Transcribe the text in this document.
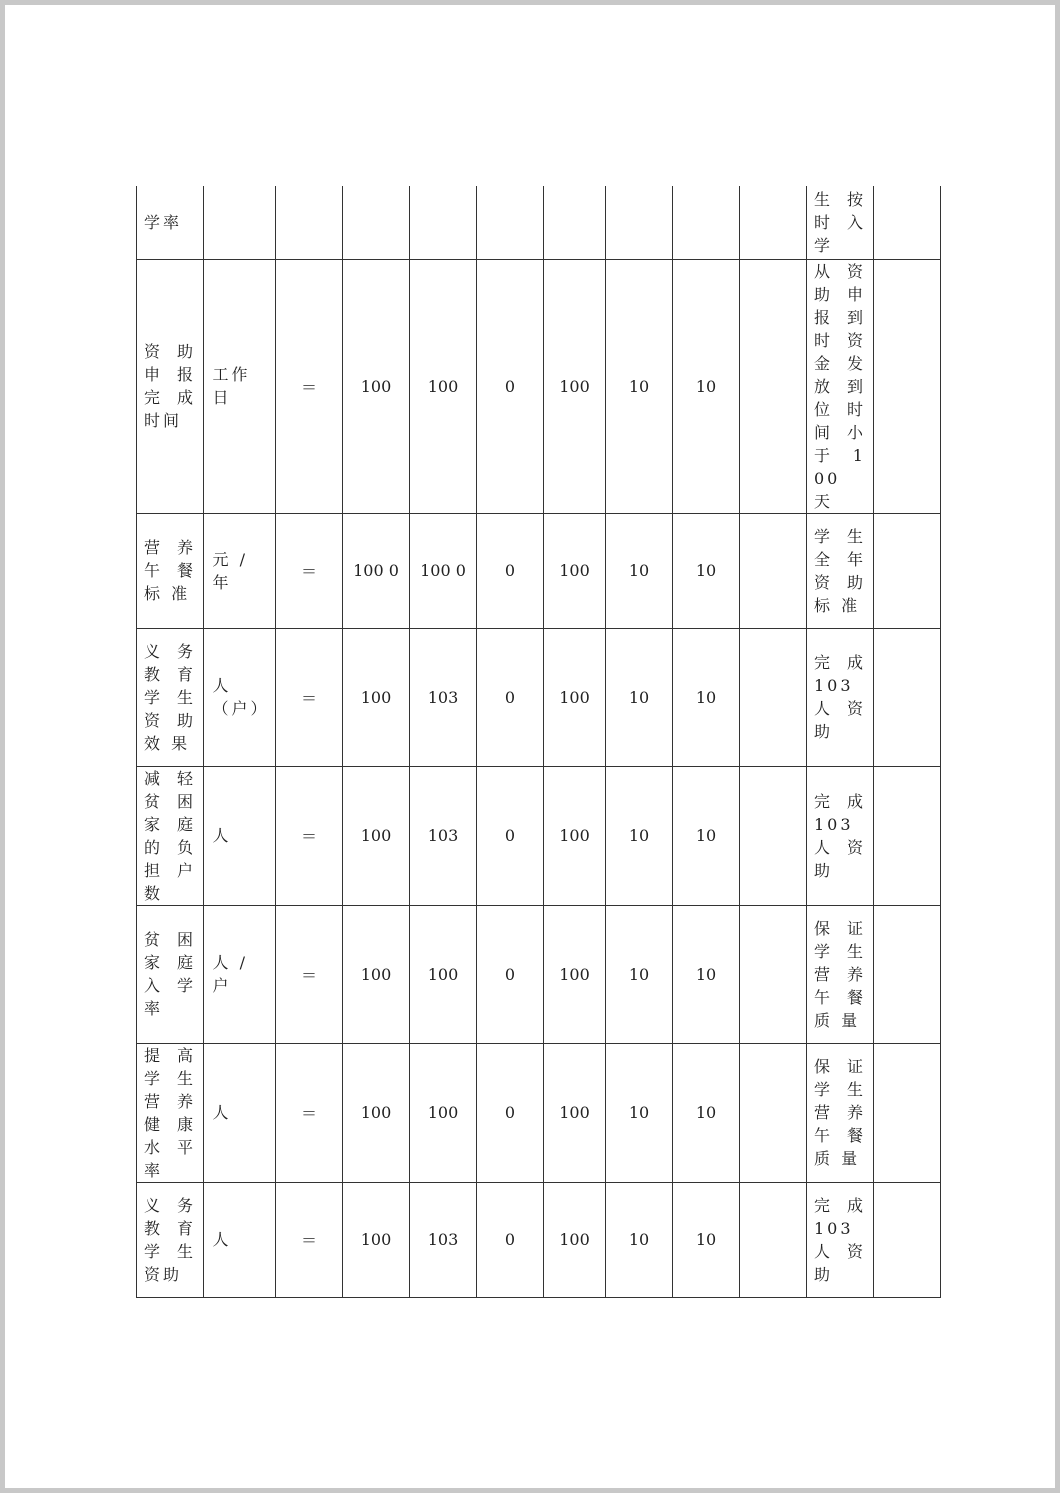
学率										生 按 时 入 学	
资 助 申 报 完 成 时间	工作 日	＝	100	100	0	100	10	10		从 资 助 申 报 到 时 资 金 发 放 到 位 时 间 小 于 100 天	
营 养 午 餐 标 准	元 / 年	＝	100 0	100 0	0	100	10	10		学 生 全 年 资 助 标 准	
义 务 教 育 学 生 资 助 效 果	人 （户）	＝	100	103	0	100	10	10		完 成 103 人 资 助	
减 轻 贫 困 家 庭 的 负 担 户 数	人	＝	100	103	0	100	10	10		完 成 103 人 资 助	
贫 困 家 庭 入 学 率	人 / 户	＝	100	100	0	100	10	10		保 证 学 生 营 养 午 餐 质 量	
提 高 学 生 营 养 健 康 水 平 率	人	＝	100	100	0	100	10	10		保 证 学 生 营 养 午 餐 质 量	
义 务 教 育 学 生 资助	人	＝	100	103	0	100	10	10		完 成 103 人 资 助	
